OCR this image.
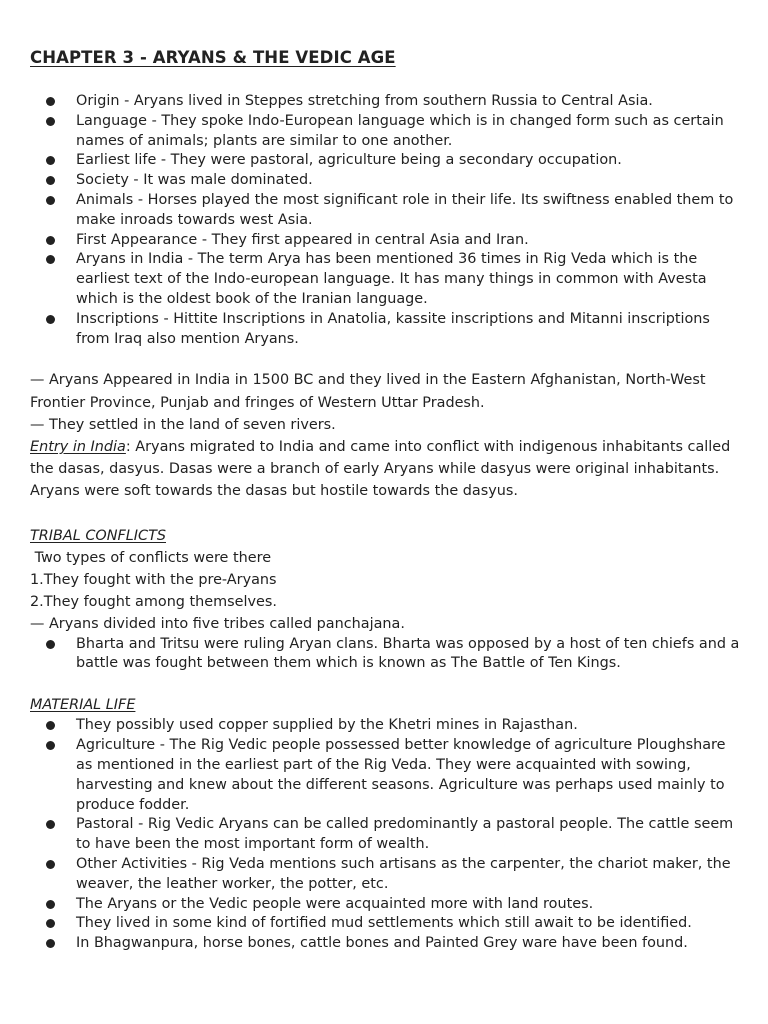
CHAPTER 3 - ARYANS & THE VEDIC AGE
Origin - Aryans lived in Steppes stretching from southern Russia to Central Asia.
Language - They spoke Indo-European language which is in changed form such as certain names of animals; plants are similar to one another.
Earliest life - They were pastoral, agriculture being a secondary occupation.
Society - It was male dominated.
Animals - Horses played the most significant role in their life. Its swiftness enabled them to make inroads towards west Asia.
First Appearance - They first appeared in central Asia and Iran.
Aryans in India - The term Arya has been mentioned 36 times in Rig Veda which is the earliest text of the Indo-european language. It has many things in common with Avesta which is the oldest book of the Iranian language.
Inscriptions - Hittite Inscriptions in Anatolia, kassite inscriptions and Mitanni inscriptions from Iraq also mention Aryans.

— Aryans Appeared in India in 1500 BC and they lived in the Eastern Afghanistan, North-West Frontier Province, Punjab and fringes of Western Uttar Pradesh.

— They settled in the land of seven rivers.

Entry in India: Aryans migrated to India and came into conflict with indigenous inhabitants called the dasas, dasyus. Dasas were a branch of early Aryans while dasyus were original inhabitants. Aryans were soft towards the dasas but hostile towards the dasyus.

TRIBAL CONFLICTS

Two types of conflicts were there

1.They fought with the pre-Aryans

2.They fought among themselves.

— Aryans divided into five tribes called panchajana.

Bharta and Tritsu were ruling Aryan clans. Bharta was opposed by a host of ten chiefs and a battle was fought between them which is known as The Battle of Ten Kings.

MATERIAL LIFE

They possibly used copper supplied by the Khetri mines in Rajasthan.
Agriculture - The Rig Vedic people possessed better knowledge of agriculture Ploughshare as mentioned in the earliest part of the Rig Veda. They were acquainted with sowing, harvesting and knew about the different seasons. Agriculture was perhaps used mainly to produce fodder.
Pastoral - Rig Vedic Aryans can be called predominantly a pastoral people. The cattle seem to have been the most important form of wealth.
Other Activities - Rig Veda mentions such artisans as the carpenter, the chariot maker, the weaver, the leather worker, the potter, etc.
The Aryans or the Vedic people were acquainted more with land routes.
They lived in some kind of fortified mud settlements which still await to be identified.
In Bhagwanpura, horse bones, cattle bones and Painted Grey ware have been found.
